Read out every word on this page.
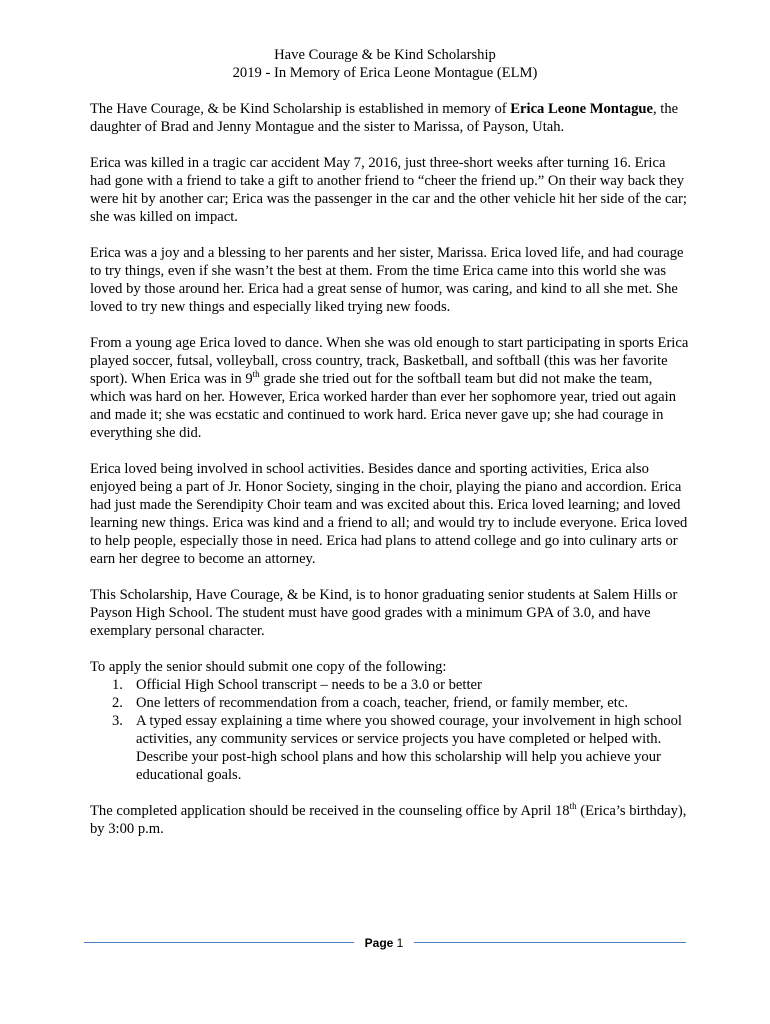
Have Courage & be Kind Scholarship
2019 - In Memory of Erica Leone Montague (ELM)

The Have Courage, & be Kind Scholarship is established in memory of Erica Leone Montague, the daughter of Brad and Jenny Montague and the sister to Marissa, of Payson, Utah.

Erica was killed in a tragic car accident May 7, 2016, just three-short weeks after turning 16. Erica had gone with a friend to take a gift to another friend to “cheer the friend up.” On their way back they were hit by another car; Erica was the passenger in the car and the other vehicle hit her side of the car; she was killed on impact.

Erica was a joy and a blessing to her parents and her sister, Marissa. Erica loved life, and had courage to try things, even if she wasn’t the best at them. From the time Erica came into this world she was loved by those around her. Erica had a great sense of humor, was caring, and kind to all she met. She loved to try new things and especially liked trying new foods.

From a young age Erica loved to dance. When she was old enough to start participating in sports Erica played soccer, futsal, volleyball, cross country, track, Basketball, and softball (this was her favorite sport). When Erica was in 9th grade she tried out for the softball team but did not make the team, which was hard on her. However, Erica worked harder than ever her sophomore year, tried out again and made it; she was ecstatic and continued to work hard. Erica never gave up; she had courage in everything she did.

Erica loved being involved in school activities. Besides dance and sporting activities, Erica also enjoyed being a part of Jr. Honor Society, singing in the choir, playing the piano and accordion. Erica had just made the Serendipity Choir team and was excited about this. Erica loved learning; and loved learning new things. Erica was kind and a friend to all; and would try to include everyone. Erica loved to help people, especially those in need. Erica had plans to attend college and go into culinary arts or earn her degree to become an attorney.

This Scholarship, Have Courage, & be Kind, is to honor graduating senior students at Salem Hills or Payson High School. The student must have good grades with a minimum GPA of 3.0, and have exemplary personal character.

To apply the senior should submit one copy of the following:
1. Official High School transcript – needs to be a 3.0 or better
2. One letters of recommendation from a coach, teacher, friend, or family member, etc.
3. A typed essay explaining a time where you showed courage, your involvement in high school activities, any community services or service projects you have completed or helped with. Describe your post-high school plans and how this scholarship will help you achieve your educational goals.

The completed application should be received in the counseling office by April 18th (Erica’s birthday), by 3:00 p.m.

Page 1
